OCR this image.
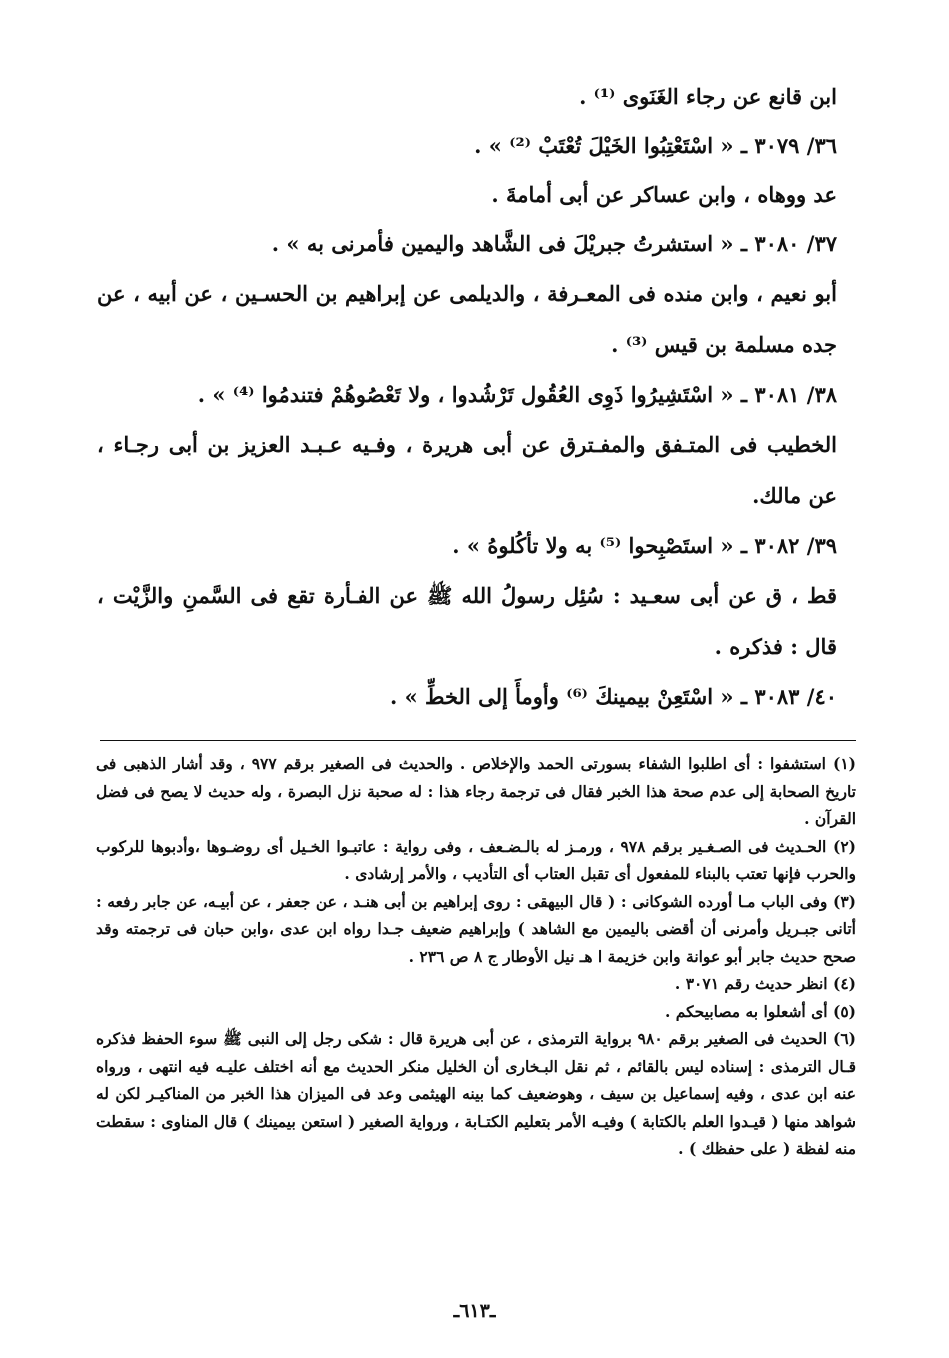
ابن قانع عن رجاء الغَنَوى ⁽¹⁾ .
٣٦/ ٣٠٧٩ ـ « اسْتَعْتِبُوا الخَيْلَ تُعْتَبْ ⁽²⁾ » .
عد ووهاه ، وابن عساكر عن أبى أمامةَ .
٣٧/ ٣٠٨٠ ـ « استشرتُ جبريْلَ فى الشَّاهد واليمين فأمرنى به » .
أبو نعيم ، وابن منده فى المعـرفة ، والديلمى عن إبراهيم بن الحسـين ، عن أبيه ، عن جده مسلمة بن قيس ⁽³⁾ .
٣٨/ ٣٠٨١ ـ « اسْتَشِيرُوا ذَوِى العُقُول تَرْشُدوا ، ولا تَعْصُوهُمْ فتندمُوا ⁽⁴⁾ » .
الخطيب فى المتـفق والمفـترق عن أبى هريرة ، وفـيه عـبـد العزيز بن أبى رجـاء ، عن مالك.
٣٩/ ٣٠٨٢ ـ « استَصْبِحوا ⁽⁵⁾ به ولا تأكُلوهُ » .
قط ، ق عن أبى سعـيد : سُئِل رسولُ الله ﷺ عن الفـأرة تقع فى السَّمنِ والزَّيْت ، قال : فذكره .
٤٠/ ٣٠٨٣ ـ « اسْتَعِنْ بيمينكَ ⁽⁶⁾ وأومأَ إلى الخطِّ » .
(١) استشفوا : أى اطلبوا الشفاء بسورتى الحمد والإخلاص . والحديث فى الصغير برقم ٩٧٧ ، وقد أشار الذهبى فى تاريخ الصحابة إلى عدم صحة هذا الخبر فقال فى ترجمة رجاء هذا : له صحبة نزل البصرة ، وله حديث لا يصح فى فضل القرآن .
(٢) الحـديث فى الصـغـير برقم ٩٧٨ ، ورمـز له بالـضـعف ، وفى رواية : عاتبـوا الخـيل أى روضـوها ،وأدبوها للركوب والحرب فإنها تعتب بالبناء للمفعول أى تقبل العتاب أى التأديب ، والأمر إرشادى .
(٣) وفى الباب مـا أورده الشوكانى : ( قال البيهقى : روى إبراهيم بن أبى هنـد ، عن جعفر ، عن أبيـه، عن جابر رفعه : أتانى جبـريل وأمرنى أن أقضى باليمين مع الشاهد ) وإبراهيم ضعيف جـدا رواه ابن عدى ،وابن حبان فى ترجمته وقد صحح حديث جابر أبو عوانة وابن خزيمة ا هـ نيل الأوطار ج ٨ ص ٢٣٦ .
(٤) انظر حديث رقم ٣٠٧١ .
(٥) أى أشعلوا به مصابيحكم .
(٦) الحديث فى الصغير برقم ٩٨٠ برواية الترمذى ، عن أبى هريرة قال : شكى رجل إلى النبى ﷺ سوء الحفظ فذكره قـال الترمذى : إسناده ليس بالقائم ، ثم نقل البـخارى أن الخليل منكر الحديث مع أنه اختلف عليـه فيه انتهى ، ورواه عنه ابن عدى ، وفيه إسماعيل بن سيف ، وهوضعيف كما بينه الهيثمى وعد فى الميزان هذا الخبر من المناكيـر لكن له شواهد منها ( قيـدوا العلم بالكتابة ) وفيـه الأمر بتعليم الكتـابة ، ورواية الصغير ( استعن بيمينك ) قال المناوى : سقطت منه لفظة ( على حفظك ) .
ـ٦١٣ـ
